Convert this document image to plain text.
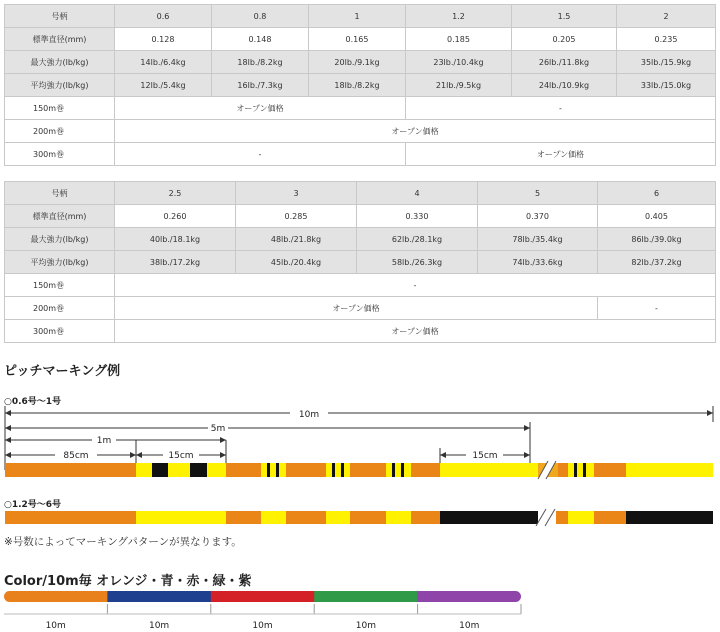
号柄	0.6	0.8	1	1.2	1.5	2
標準直径(mm)	0.128	0.148	0.165	0.185	0.205	0.235
最大強力(lb/kg)	14lb./6.4kg	18lb./8.2kg	20lb./9.1kg	23lb./10.4kg	26lb./11.8kg	35lb./15.9kg
平均強力(lb/kg)	12lb./5.4kg	16lb./7.3kg	18lb./8.2kg	21lb./9.5kg	24lb./10.9kg	33lb./15.0kg
150m巻	オープン価格			-		
200m巻	オープン価格					
300m巻	-			オープン価格		
号柄	2.5	3	4	5	6
標準直径(mm)	0.260	0.285	0.330	0.370	0.405
最大強力(lb/kg)	40lb./18.1kg	48lb./21.8kg	62lb./28.1kg	78lb./35.4kg	86lb./39.0kg
平均強力(lb/kg)	38lb./17.2kg	45lb./20.4kg	58lb./26.3kg	74lb./33.6kg	82lb./37.2kg
150m巻	-				
200m巻	オープン価格				-
300m巻	オープン価格				
ピッチマーキング例
○0.6号〜1号
○1.2号〜6号
10m
5m
1m
85cm	15cm	15cm
※号数によってマーキングパターンが異なります。
Color/10m毎 オレンジ・青・赤・緑・紫
10m	10m	10m	10m	10m
